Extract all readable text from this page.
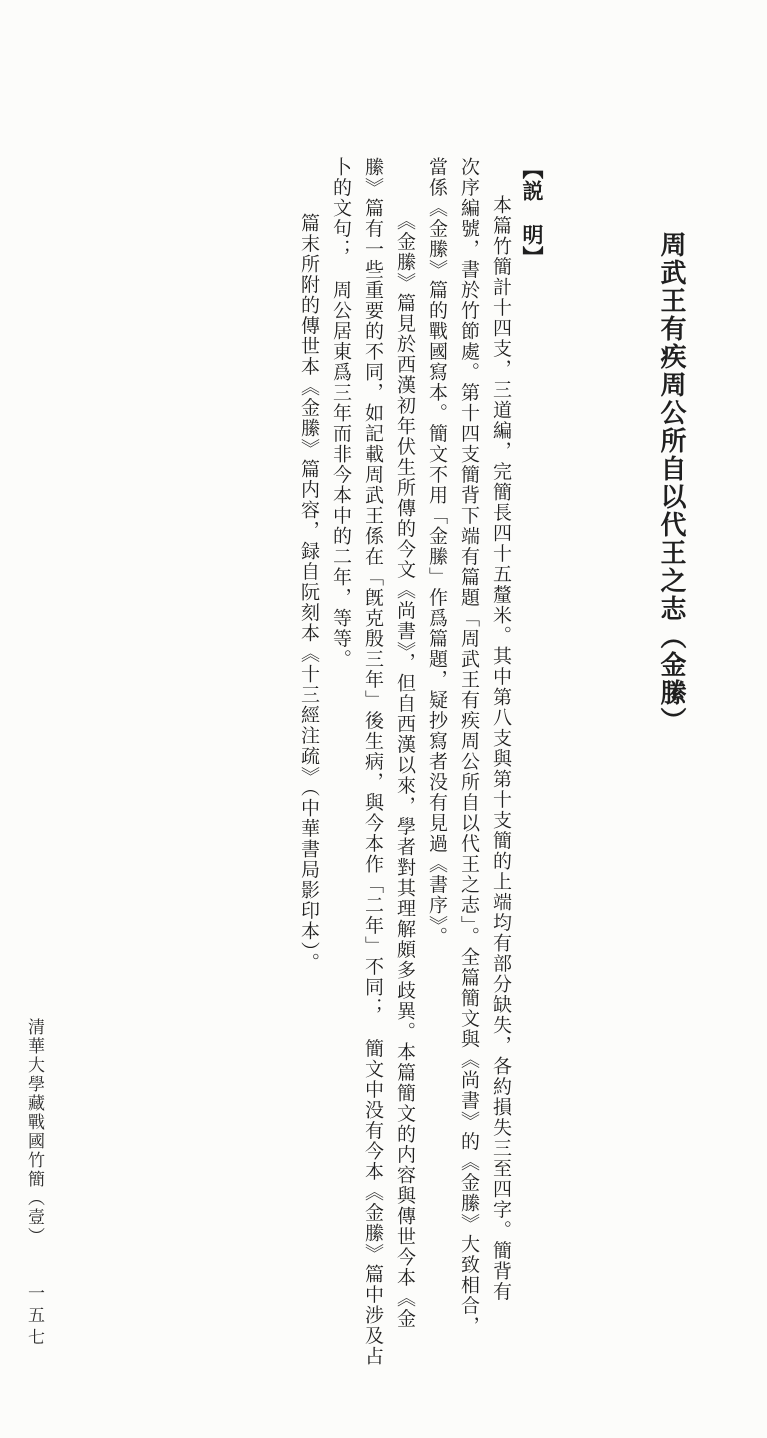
周武王有疾周公所自以代王之志（金縢）
【説　明】
本篇竹簡計十四支，三道編，完簡長四十五釐米。其中第八支與第十支簡的上端均有部分缺失，各約損失三至四字。簡背有
次序編號，書於竹節處。第十四支簡背下端有篇題「周武王有疾周公所自以代王之志」。全篇簡文與《尚書》的《金縢》大致相合，
當係《金縢》篇的戰國寫本。簡文不用「金縢」作爲篇題，疑抄寫者没有見過《書序》。
《金縢》篇見於西漢初年伏生所傳的今文《尚書》，但自西漢以來，學者對其理解頗多歧異。本篇簡文的内容與傳世今本《金
縢》篇有一些重要的不同，如記載周武王係在「旣克殷三年」後生病，與今本作「二年」不同；　簡文中没有今本《金縢》篇中涉及占
卜的文句；　周公居東爲三年而非今本中的二年，等等。
篇末所附的傳世本《金縢》篇内容，録自阮刻本《十三經注疏》（中華書局影印本）。
清華大學藏戰國竹簡（壹）
一五七
